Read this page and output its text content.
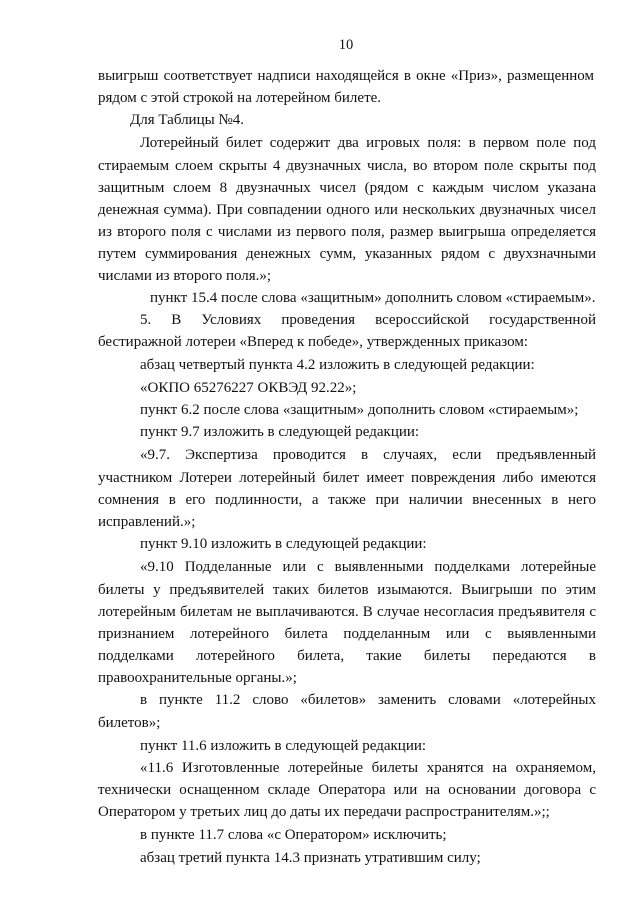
10
выигрыш соответствует надписи находящейся в окне «Приз», размещенном
рядом с этой строкой на лотерейном билете.
Для Таблицы №4.
Лотерейный билет содержит два игровых поля: в первом поле под
стираемым слоем скрыты 4 двузначных числа, во втором поле скрыты под
защитным слоем 8 двузначных чисел (рядом с каждым числом указана
денежная сумма). При совпадении одного или нескольких двузначных чисел
из второго поля с числами из первого поля, размер выигрыша определяется
путем суммирования денежных сумм, указанных рядом с двухзначными
числами из второго поля.»;
пункт 15.4 после слова «защитным» дополнить словом «стираемым».
5. В Условиях проведения всероссийской государственной
бестиражной лотереи «Вперед к победе», утвержденных приказом:
абзац четвертый пункта 4.2 изложить в следующей редакции:
«ОКПО 65276227 ОКВЭД 92.22»;
пункт 6.2 после слова «защитным» дополнить словом «стираемым»;
пункт 9.7 изложить в следующей редакции:
«9.7. Экспертиза проводится в случаях, если предъявленный
участником Лотереи лотерейный билет имеет повреждения либо имеются
сомнения в его подлинности, а также при наличии внесенных в него
исправлений.»;
пункт 9.10 изложить в следующей редакции:
«9.10 Подделанные или с выявленными подделками лотерейные
билеты у предъявителей таких билетов изымаются. Выигрыши по этим
лотерейным билетам не выплачиваются. В случае несогласия предъявителя с
признанием лотерейного билета подделанным или с выявленными
подделками лотерейного билета, такие билеты передаются в
правоохранительные органы.»;
в пункте 11.2 слово «билетов» заменить словами «лотерейных
билетов»;
пункт 11.6 изложить в следующей редакции:
«11.6 Изготовленные лотерейные билеты хранятся на охраняемом,
технически оснащенном складе Оператора или на основании договора с
Оператором у третьих лиц до даты их передачи распространителям.»;;
в пункте 11.7 слова «с Оператором» исключить;
абзац третий пункта 14.3 признать утратившим силу;
